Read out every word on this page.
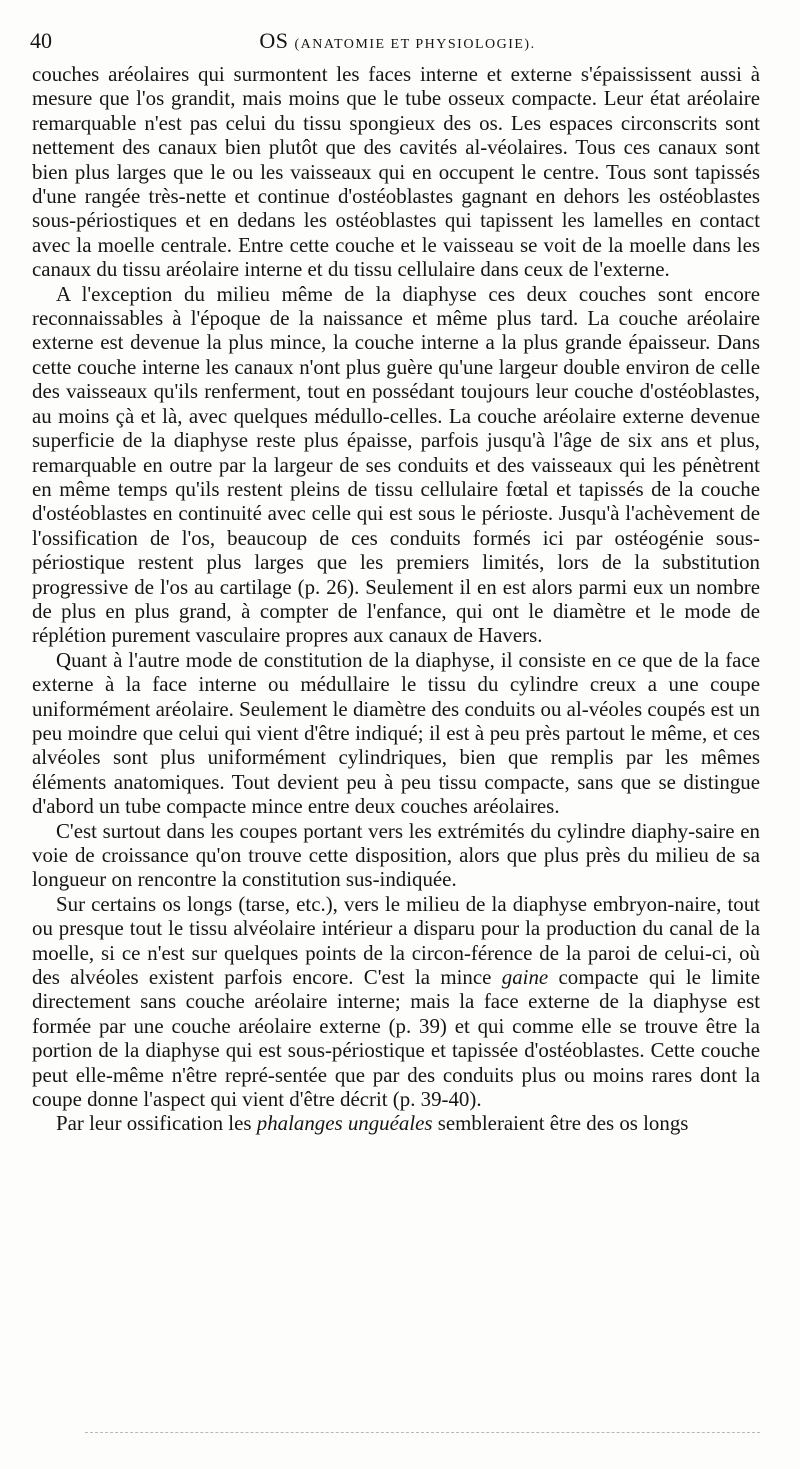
40	OS (ANATOMIE ET PHYSIOLOGIE).

couches aréolaires qui surmontent les faces interne et externe s'épaississent aussi à mesure que l'os grandit, mais moins que le tube osseux compacte. Leur état aréolaire remarquable n'est pas celui du tissu spongieux des os. Les espaces circonscrits sont nettement des canaux bien plutôt que des cavités al-véolaires. Tous ces canaux sont bien plus larges que le ou les vaisseaux qui en occupent le centre. Tous sont tapissés d'une rangée très-nette et continue d'ostéoblastes gagnant en dehors les ostéoblastes sous-périostiques et en dedans les ostéoblastes qui tapissent les lamelles en contact avec la moelle centrale. Entre cette couche et le vaisseau se voit de la moelle dans les canaux du tissu aréolaire interne et du tissu cellulaire dans ceux de l'externe.

A l'exception du milieu même de la diaphyse ces deux couches sont encore reconnaissables à l'époque de la naissance et même plus tard. La couche aréolaire externe est devenue la plus mince, la couche interne a la plus grande épaisseur. Dans cette couche interne les canaux n'ont plus guère qu'une largeur double environ de celle des vaisseaux qu'ils renferment, tout en possédant toujours leur couche d'ostéoblastes, au moins çà et là, avec quelques médullo-celles. La couche aréolaire externe devenue superficie de la diaphyse reste plus épaisse, parfois jusqu'à l'âge de six ans et plus, remarquable en outre par la largeur de ses conduits et des vaisseaux qui les pénètrent en même temps qu'ils restent pleins de tissu cellulaire fœtal et tapissés de la couche d'ostéoblastes en continuité avec celle qui est sous le périoste. Jusqu'à l'achèvement de l'ossification de l'os, beaucoup de ces conduits formés ici par ostéogénie sous-périostique restent plus larges que les premiers limités, lors de la substitution progressive de l'os au cartilage (p. 26). Seulement il en est alors parmi eux un nombre de plus en plus grand, à compter de l'enfance, qui ont le diamètre et le mode de réplétion purement vasculaire propres aux canaux de Havers.

Quant à l'autre mode de constitution de la diaphyse, il consiste en ce que de la face externe à la face interne ou médullaire le tissu du cylindre creux a une coupe uniformément aréolaire. Seulement le diamètre des conduits ou al-véoles coupés est un peu moindre que celui qui vient d'être indiqué; il est à peu près partout le même, et ces alvéoles sont plus uniformément cylindriques, bien que remplis par les mêmes éléments anatomiques. Tout devient peu à peu tissu compacte, sans que se distingue d'abord un tube compacte mince entre deux couches aréolaires.

C'est surtout dans les coupes portant vers les extrémités du cylindre diaphy-saire en voie de croissance qu'on trouve cette disposition, alors que plus près du milieu de sa longueur on rencontre la constitution sus-indiquée.

Sur certains os longs (tarse, etc.), vers le milieu de la diaphyse embryon-naire, tout ou presque tout le tissu alvéolaire intérieur a disparu pour la production du canal de la moelle, si ce n'est sur quelques points de la circon-férence de la paroi de celui-ci, où des alvéoles existent parfois encore. C'est la mince gaine compacte qui le limite directement sans couche aréolaire interne; mais la face externe de la diaphyse est formée par une couche aréolaire externe (p. 39) et qui comme elle se trouve être la portion de la diaphyse qui est sous-périostique et tapissée d'ostéoblastes. Cette couche peut elle-même n'être repré-sentée que par des conduits plus ou moins rares dont la coupe donne l'aspect qui vient d'être décrit (p. 39-40).

Par leur ossification les phalanges unguéales sembleraient être des os longs
